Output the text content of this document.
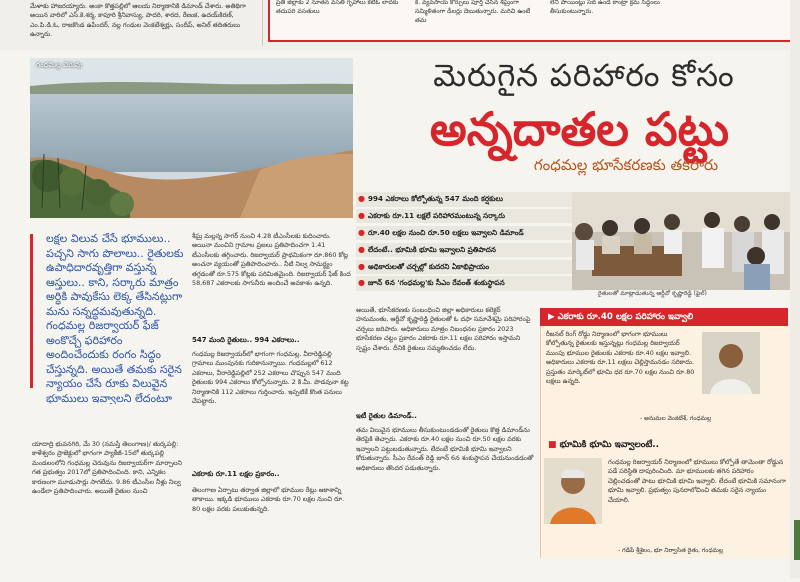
మేళాకు హాజరయ్యారు. అంకా కొత్తపల్లిలో ఆలయ నిర్మాణానికి డిమాండ్ చేశారు. అతిథిగా అయిన వారిలో ఎస్.కె.శర్మ, కాపూరి శ్రీనివాస్యు, పాదరి, శారద, రేణుక, ఉదయ్‌కిరణ్, ఎం.పి.డి.ఓ, రాజకొండ ఉపేందర్, నల్ల గండుల వెంకటేశ్వర్లు, సందీప్, అనిల్ తదితరులు ఉన్నారు.
ప్రతి జిల్లాకు 2 నూతన వసతి గృహాలు కేటీఓ లాదకు తదుపరి వసతులు
కీ. వ్యవసాయ కోర్సులు పూర్తి చేసిన శీఘ్రంగా సమ్మిళితంగా డీలర్లు దెబుతున్నారు. మరిచి ఉంటే తమ
లేని పాయింట్లు సబ్ ఉండే కాంట్రా క్రమ సిద్ధంలు తీసుకుంటున్నారు.
గంధమల్ల చెరువు	మెరుగైన పరిహారం కోసం
అన్నదాతల పట్టు
గంధమల్ల భూసేకరణకు తకరారు
● 994 ఎకరాలు కోల్పోతున్న 547 మంది కర్షకులు
● ఎకరాకు రూ.11 లక్షలే పరిహారమంటున్న సర్కారు
● రూ.40 లక్షల నుంచి రూ.50 లక్షలు ఇవ్వాలని డిమాండ్
● లేదంటే.. భూమికి భూమి ఇవ్వాలని ప్రతిపాదన
● అధికారులతో చర్చల్లో కుదరని ఏకాభిప్రాయం
● జూన్ 6న 'గంధమల్ల'కు సీఎం రేవంత్ శంకుస్థాపన
రైతులతో మాట్లాడుతున్న ఆర్డీవో కృష్ణారెడ్డి (ఫైల్)
లక్షల విలువ చేసే భూములు.. పచ్చని సాగు పొలాలు.. రైతులకు ఉపాధిదారవృత్తిగా వస్తున్న ఆస్తులు.. కాని, సర్కారు మాత్రం అర్ధికి పావుకేసు లెక్క తేసినట్లుగా మను సన్నద్ధమవుతున్నది. గంధమల్ల రిజర్వాయర్ ఫేజ్ అంకొచ్చే ఫరిహారం అందించేందుకు రంగం సిద్ధం చేస్తున్నది. అయితే తమకు సరైన న్యాయం చేసే రూకు విలువైన భూములు ఇవ్వాలని లేదంటూ
యాదాద్రి భువనగిరి, మే 30 (నమస్తే తెలంగాణ)/ తుర్కపల్లి: కాళేశ్వరం ప్రాజెక్టులో భాగంగా ప్యాకేజీ-15లో తుర్కపల్లి మండలంలోని గంధమల్ల చెరువును రిజర్వాయర్‌గా మార్చాలని గత ప్రభుత్వం 2017లో ప్రతిపాదించింది. కాని, ఎన్నికల కారణంగా మూడుసార్లు సాగలేదు. 9.86 టీఎంసీల నీళ్లు నిల్వ ఉండేలా ప్రతిపాదించారు. అయితే రైతుల నుంచి
శీఘ్ర మల్లన్న సాగర్ నుంచి 4.28 టీఎంసీలకు కుదించారు. అయినా మంచిని గ్రామాల ప్రజలు ప్రతిపాదించగా 1.41 టీఎంసీలకు తగ్గించారు. రిజర్వాయర్ ప్రాథమికంగా రూ.860 కోట్ల అంచనా వ్యయంతో ప్రతిపాదించారు.. నీటి నిల్వ సామర్థ్యం తగ్గడంతో రూ.575 కోట్లకు పరిమితమైంది. రిజర్వాయర్ ఫేజ్ కింద 58,687 ఎకరాలకు సాగునీరు అందించే అవకాశం ఉన్నది.
547 మంది రైతులు.. 994 ఎకరాలు..
గంధమల్ల రిజర్వాయర్‌లో భాగంగా గంధమల్ల, వీరారెడ్డిపల్లి గ్రామాలు ముంపునకు గురికానున్నాయి. గంధమల్లలో 612 ఎకరాలు, వీరారెడ్డిపల్లిలో 252 ఎకరాలు చొప్పున 547 మంది రైతులకు 994 ఎకరాలు కోల్పోనున్నారు. 2 కి.మీ. పొడవునా కట్ట నిర్మాణానికి 112 ఎకరాలు గుర్తించారు. ఇప్పటికే కొంత పనులు చేపట్టారు.
ఎకరాకు రూ.11 లక్షల ప్రకారం..
తెలంగాణ ఏర్పాటు తర్వాత జిల్లాలో భూముల రేట్లు ఆకాశాన్ని తాకాయి. ఇక్కడి భూములు ఎకరాకు రూ.70 లక్షల నుంచి రూ. 80 లక్షల వరకు పలుకుతున్నది.
అయితే, భూసేకరణకు సంబంధించి జిల్లా అధికారులు కలెక్టర్ హనుమంతు, ఆర్డీవో కృష్ణారెడ్డి రైతులతో ఓ దఫా సమావేశమై పరిహారంపై చర్చలు జరిపారు. అధికారులు మాత్రం నిబంధనల ప్రకారం 2023 భూసేకరణ చట్టం ప్రకారం ఎకరాకు రూ.11 లక్షల పరిహారం ఇస్తామని స్పష్టం చేశారు. దీనికి రైతులు సమ్మతించడం లేదు.
ఇటీ రైతుల డిమాండ్..
తమ విలువైన భూములు తీసుకుంటుండడంతో రైతులు కొత్త డిమాండ్‌ను తెరపైకి తెచ్చారు. ఎకరాకు రూ.40 లక్షల నుంచి రూ.50 లక్షల వరకు ఇవ్వాలని పట్టుబడుతున్నారు. లేదంటే భూమికి భూమి ఇవ్వాలని కోరుతున్నారు. సీఎం రేవంత్ రెడ్డి జూన్ 6న శంకుస్థాపన చేయనుండడంతో అధికారులు తొందర పడుతున్నారు.
▶ ఎకరాకు రూ.40 లక్షల పరిహారం ఇవ్వాలి
రీజనల్ రింగ్ రోడ్డు నిర్మాణంలో భాగంగా భూములు కోల్పోతున్న రైతులకు ఇస్తున్నట్లు గంధమల్ల రిజర్వాయర్ ముంపు భూముల రైతులకు ఎకరాకు రూ.40 లక్షల ఇవ్వాలి. అధికారులు ఎకరాకు రూ.11 లక్షలు చెల్లిస్తామనడం సరికాదు. ప్రస్తుతం మార్కెట్‌లో భూమి ధర రూ.70 లక్షల నుంచి రూ.80 లక్షలు ఉన్నది.
- అనుమల వెంకటేశ్, గంధమల్ల
■ భూమికి భూమి ఇవ్వాలంటే..
గంధమల్ల రిజర్వాయర్ నిర్మాణంలో భూములు కోల్పోతే తామెంతా రోడ్డున పడే పరిస్థితి దాపురించింది. మా భూములకు తగిన పరిహారం చెల్లించడంతో పాటు భూమికి భూమి ఇవ్వాలి. లేదంటే భూమికి సమానంగా భూమి ఇవ్వాలి. ప్రభుత్వం పునరాలోచించి తమకు సరైన న్యాయం చేయాలి.
- గడిపే శ్రీశైలం, భూ నిర్వాసిత రైతు, గంధమల్ల
